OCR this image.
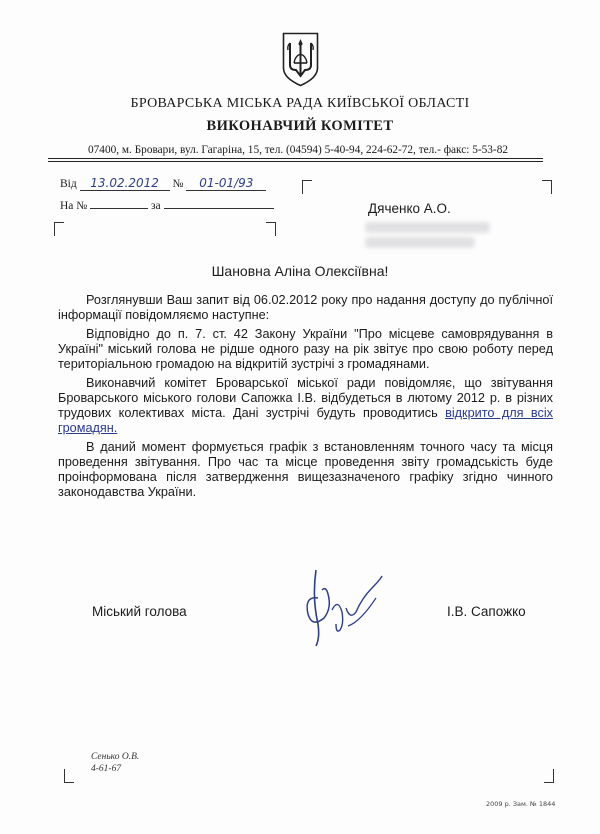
БРОВАРСЬКА МІСЬКА РАДА КИЇВСЬКОЇ ОБЛАСТІ
ВИКОНАВЧИЙ КОМІТЕТ
07400, м. Бровари, вул. Гагаріна, 15, тел. (04594) 5-40-94, 224-62-72, тел.- факс: 5-53-82
Від 13.02.2012 № 01-01/93
На №	за	Дяченко А.О.
Шановна Аліна Олексіївна!

Розглянувши Ваш запит від 06.02.2012 року про надання доступу до публічної інформації повідомляємо наступне:

Відповідно до п. 7. ст. 42 Закону України "Про місцеве самоврядування в Україні" міський голова не рідше одного разу на рік звітує про свою роботу перед територіальною громадою на відкритій зустрічі з громадянами.

Виконавчий комітет Броварської міської ради повідомляє, що звітування Броварського міського голови Сапожка І.В. відбудеться в лютому 2012 р. в різних трудових колективах міста. Дані зустрічі будуть проводитись відкрито для всіх громадян.

В даний момент формується графік з встановленням точного часу та місця проведення звітування. Про час та місце проведення звіту громадськість буде проінформована після затвердження вищезазначеного графіку згідно чинного законодавства України.

Міський голова	І.В. Сапожко
Сенько О.В.
4-61-67
2009 р. Зам. № 1844
